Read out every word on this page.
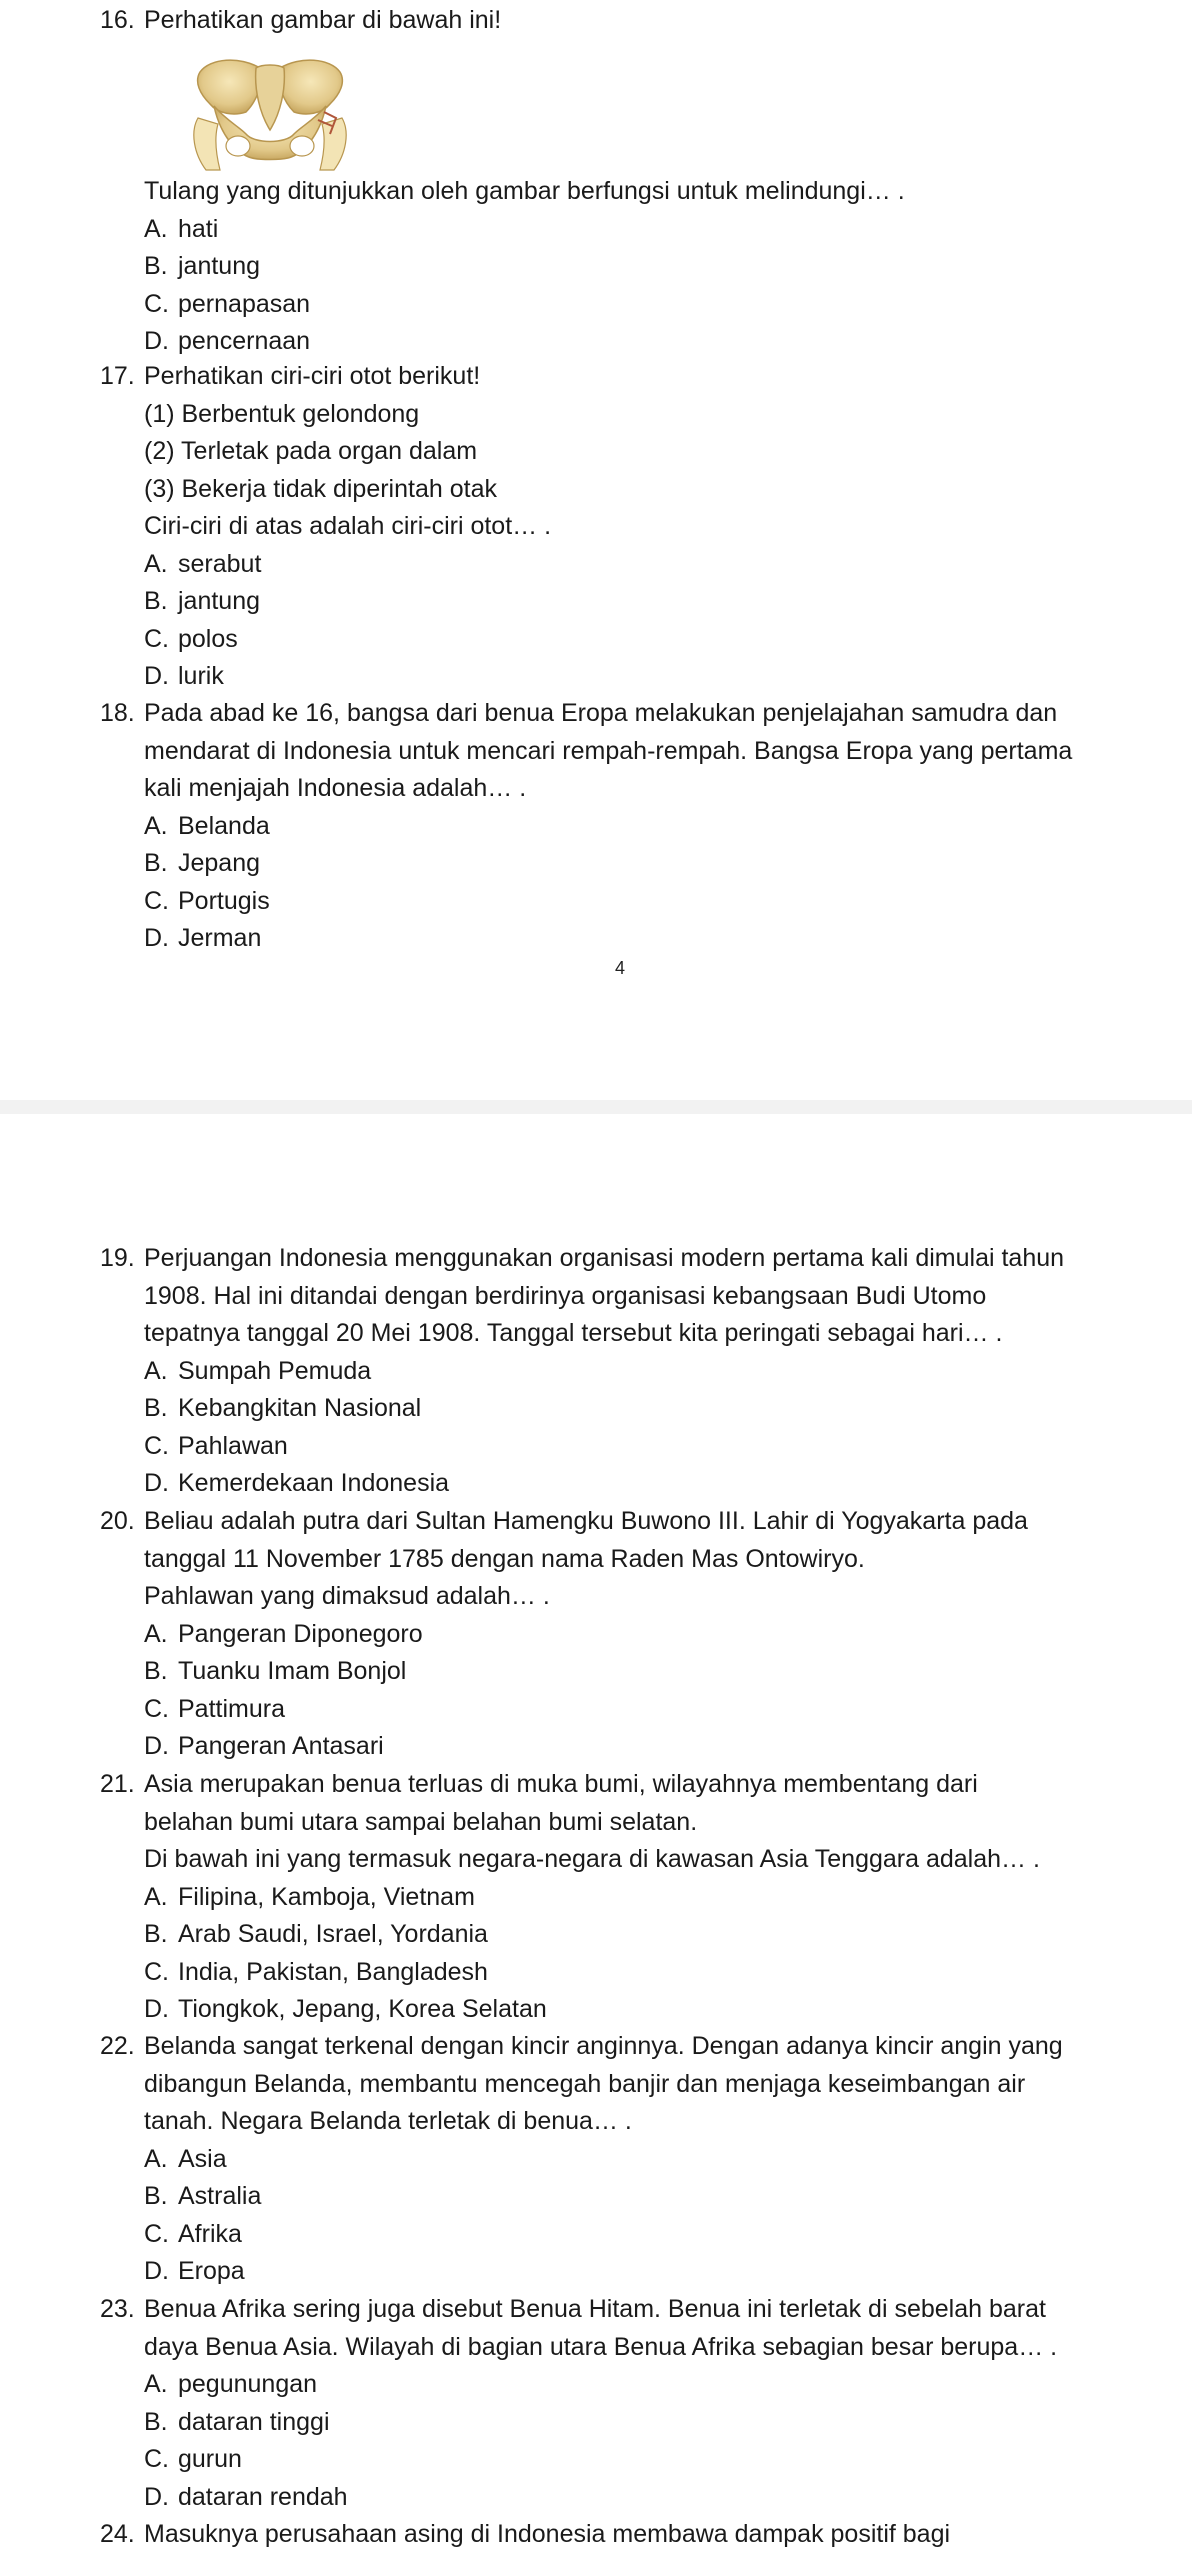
16. Perhatikan gambar di bawah ini!
Tulang yang ditunjukkan oleh gambar berfungsi untuk melindungi… .
A. hati
B. jantung
C. pernapasan
D. pencernaan
17. Perhatikan ciri-ciri otot berikut!
(1) Berbentuk gelondong
(2) Terletak pada organ dalam
(3) Bekerja tidak diperintah otak
Ciri-ciri di atas adalah ciri-ciri otot… .
A. serabut
B. jantung
C. polos
D. lurik
18. Pada abad ke 16, bangsa dari benua Eropa melakukan penjelajahan samudra dan
mendarat di Indonesia untuk mencari rempah-rempah. Bangsa Eropa yang pertama
kali menjajah Indonesia adalah… .
A. Belanda
B. Jepang
C. Portugis
D. Jerman
4
19. Perjuangan Indonesia menggunakan organisasi modern pertama kali dimulai tahun
1908. Hal ini ditandai dengan berdirinya organisasi kebangsaan Budi Utomo
tepatnya tanggal 20 Mei 1908. Tanggal tersebut kita peringati sebagai hari… .
A. Sumpah Pemuda
B. Kebangkitan Nasional
C. Pahlawan
D. Kemerdekaan Indonesia
20. Beliau adalah putra dari Sultan Hamengku Buwono III. Lahir di Yogyakarta pada
tanggal 11 November 1785 dengan nama Raden Mas Ontowiryo.
Pahlawan yang dimaksud adalah… .
A. Pangeran Diponegoro
B. Tuanku Imam Bonjol
C. Pattimura
D. Pangeran Antasari
21. Asia merupakan benua terluas di muka bumi, wilayahnya membentang dari
belahan bumi utara sampai belahan bumi selatan.
Di bawah ini yang termasuk negara-negara di kawasan Asia Tenggara adalah… .
A. Filipina, Kamboja, Vietnam
B. Arab Saudi, Israel, Yordania
C. India, Pakistan, Bangladesh
D. Tiongkok, Jepang, Korea Selatan
22. Belanda sangat terkenal dengan kincir anginnya. Dengan adanya kincir angin yang
dibangun Belanda, membantu mencegah banjir dan menjaga keseimbangan air
tanah. Negara Belanda terletak di benua… .
A. Asia
B. Astralia
C. Afrika
D. Eropa
23. Benua Afrika sering juga disebut Benua Hitam. Benua ini terletak di sebelah barat
daya Benua Asia. Wilayah di bagian utara Benua Afrika sebagian besar berupa… .
A. pegunungan
B. dataran tinggi
C. gurun
D. dataran rendah
24. Masuknya perusahaan asing di Indonesia membawa dampak positif bagi
